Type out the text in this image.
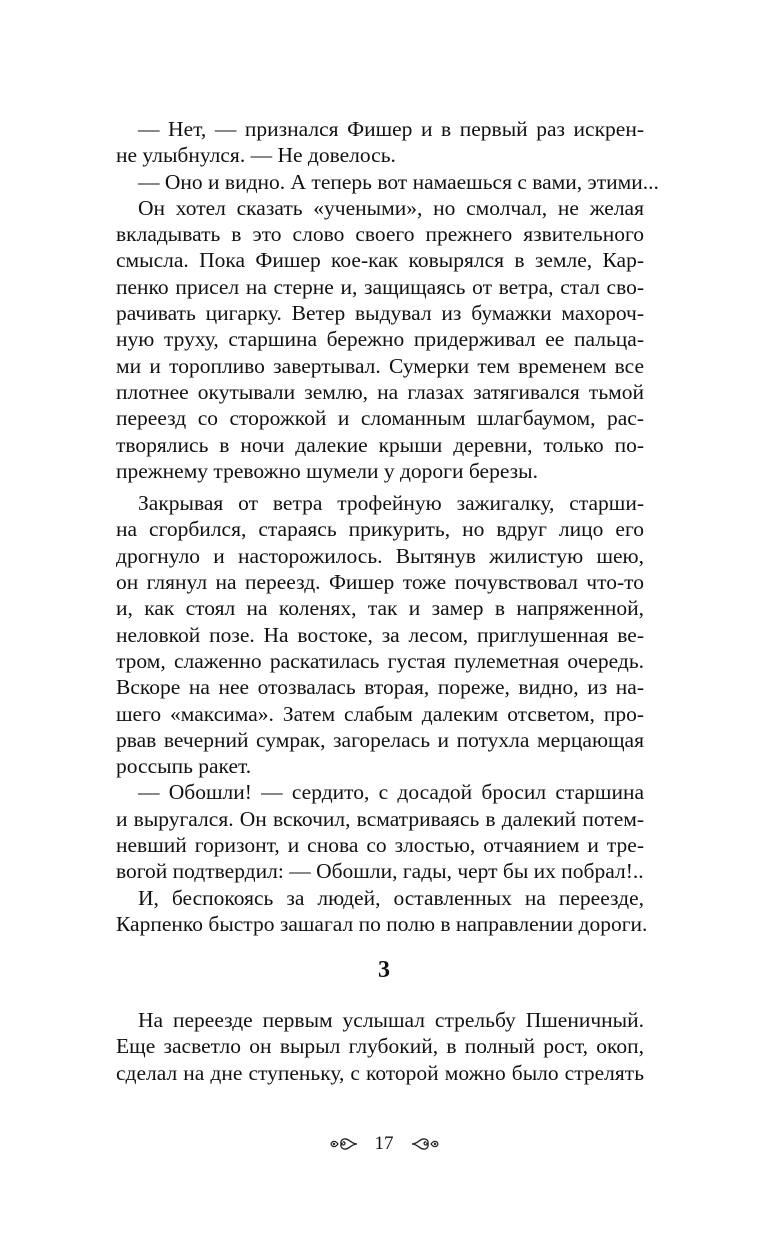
— Нет, — признался Фишер и в первый раз искрен-
не улыбнулся. — Не довелось.

— Оно и видно. А теперь вот намаешься с вами, этими...

Он хотел сказать «учеными», но смолчал, не желая
вкладывать в это слово своего прежнего язвительного
смысла. Пока Фишер кое-как ковырялся в земле, Кар-
пенко присел на стерне и, защищаясь от ветра, стал сво-
рачивать цигарку. Ветер выдувал из бумажки махороч-
ную труху, старшина бережно придерживал ее пальца-
ми и торопливо завертывал. Сумерки тем временем все
плотнее окутывали землю, на глазах затягивался тьмой
переезд со сторожкой и сломанным шлагбаумом, рас-
творялись в ночи далекие крыши деревни, только по-
прежнему тревожно шумели у дороги березы.

Закрывая от ветра трофейную зажигалку, старши-
на сгорбился, стараясь прикурить, но вдруг лицо его
дрогнуло и насторожилось. Вытянув жилистую шею,
он глянул на переезд. Фишер тоже почувствовал что-то
и, как стоял на коленях, так и замер в напряженной,
неловкой позе. На востоке, за лесом, приглушенная ве-
тром, слаженно раскатилась густая пулеметная очередь.
Вскоре на нее отозвалась вторая, пореже, видно, из на-
шего «максима». Затем слабым далеким отсветом, про-
рвав вечерний сумрак, загорелась и потухла мерцающая
россыпь ракет.

— Обошли! — сердито, с досадой бросил старшина
и выругался. Он вскочил, всматриваясь в далекий потем-
невший горизонт, и снова со злостью, отчаянием и тре-
вогой подтвердил: — Обошли, гады, черт бы их побрал!..

И, беспокоясь за людей, оставленных на переезде,
Карпенко быстро зашагал по полю в направлении дороги.

3

На переезде первым услышал стрельбу Пшеничный.
Еще засветло он вырыл глубокий, в полный рост, окоп,
сделал на дне ступеньку, с которой можно было стрелять

17
